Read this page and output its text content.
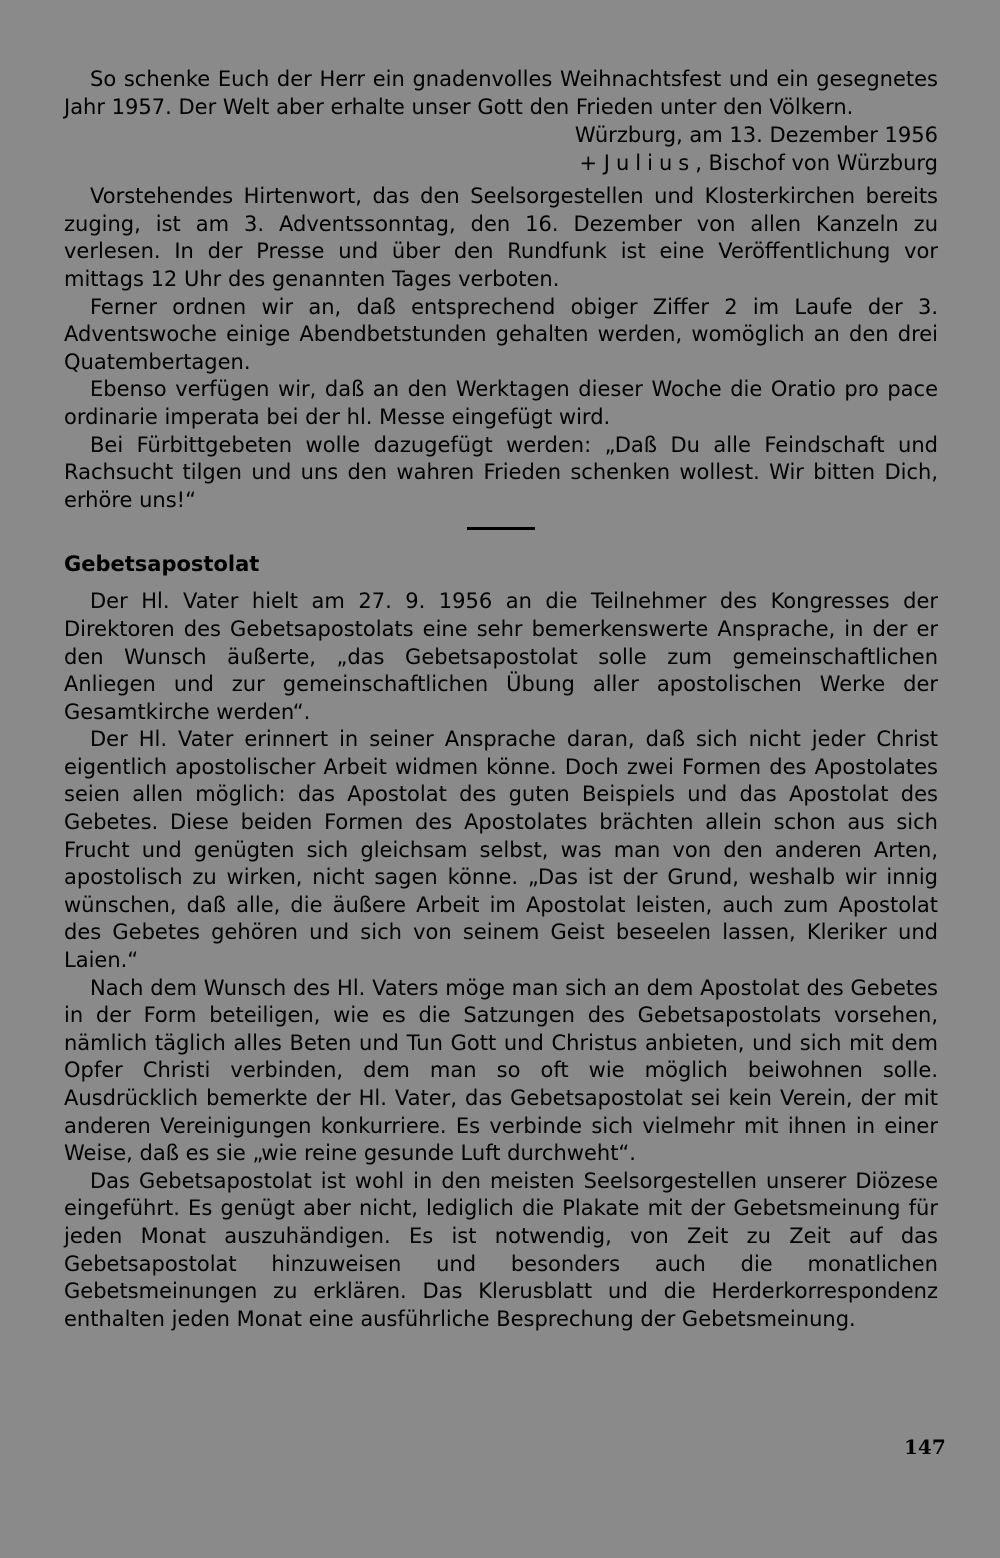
So schenke Euch der Herr ein gnadenvolles Weihnachtsfest und ein gesegnetes Jahr 1957. Der Welt aber erhalte unser Gott den Frieden unter den Völkern.

Würzburg, am 13. Dezember 1956

+ Julius, Bischof von Würzburg

Vorstehendes Hirtenwort, das den Seelsorgestellen und Klosterkirchen bereits zuging, ist am 3. Adventssonntag, den 16. Dezember von allen Kanzeln zu verlesen. In der Presse und über den Rundfunk ist eine Veröffentlichung vor mittags 12 Uhr des genannten Tages verboten.

Ferner ordnen wir an, daß entsprechend obiger Ziffer 2 im Laufe der 3. Adventswoche einige Abendbetstunden gehalten werden, womöglich an den drei Quatembertagen.

Ebenso verfügen wir, daß an den Werktagen dieser Woche die Oratio pro pace ordinarie imperata bei der hl. Messe eingefügt wird.

Bei Fürbittgebeten wolle dazugefügt werden: „Daß Du alle Feindschaft und Rachsucht tilgen und uns den wahren Frieden schenken wollest. Wir bitten Dich, erhöre uns!“

Gebetsapostolat

Der Hl. Vater hielt am 27. 9. 1956 an die Teilnehmer des Kongresses der Direktoren des Gebetsapostolats eine sehr bemerkenswerte Ansprache, in der er den Wunsch äußerte, „das Gebetsapostolat solle zum gemeinschaftlichen Anliegen und zur gemeinschaftlichen Übung aller apostolischen Werke der Gesamtkirche werden“.

Der Hl. Vater erinnert in seiner Ansprache daran, daß sich nicht jeder Christ eigentlich apostolischer Arbeit widmen könne. Doch zwei Formen des Apostolates seien allen möglich: das Apostolat des guten Beispiels und das Apostolat des Gebetes. Diese beiden Formen des Apostolates brächten allein schon aus sich Frucht und genügten sich gleichsam selbst, was man von den anderen Arten, apostolisch zu wirken, nicht sagen könne. „Das ist der Grund, weshalb wir innig wünschen, daß alle, die äußere Arbeit im Apostolat leisten, auch zum Apostolat des Gebetes gehören und sich von seinem Geist beseelen lassen, Kleriker und Laien.“

Nach dem Wunsch des Hl. Vaters möge man sich an dem Apostolat des Gebetes in der Form beteiligen, wie es die Satzungen des Gebetsapostolats vorsehen, nämlich täglich alles Beten und Tun Gott und Christus anbieten, und sich mit dem Opfer Christi verbinden, dem man so oft wie möglich beiwohnen solle. Ausdrücklich bemerkte der Hl. Vater, das Gebetsapostolat sei kein Verein, der mit anderen Vereinigungen konkurriere. Es verbinde sich vielmehr mit ihnen in einer Weise, daß es sie „wie reine gesunde Luft durchweht“.

Das Gebetsapostolat ist wohl in den meisten Seelsorgestellen unserer Diözese eingeführt. Es genügt aber nicht, lediglich die Plakate mit der Gebetsmeinung für jeden Monat auszuhändigen. Es ist notwendig, von Zeit zu Zeit auf das Gebetsapostolat hinzuweisen und besonders auch die monatlichen Gebetsmeinungen zu erklären. Das Klerusblatt und die Herderkorrespondenz enthalten jeden Monat eine ausführliche Besprechung der Gebetsmeinung.

147
